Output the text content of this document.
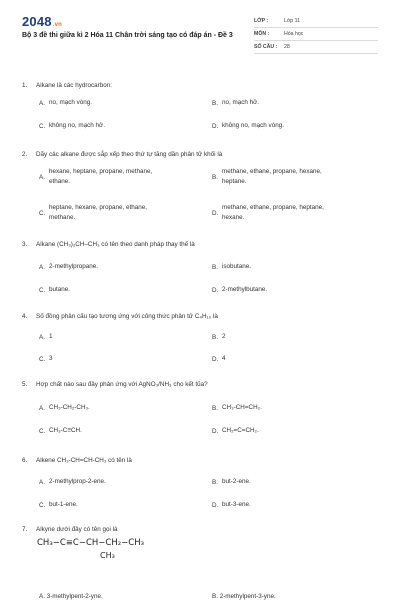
2048.vn
Bộ 3 đề thi giữa kì 2 Hóa 11 Chân trời sáng tạo có đáp án - Đề 3
LỚP :	Lớp 11
MÔN :	Hóa học
SỐ CÂU : 28
1. Alkane là các hydrocarbon:
A. no, mạch vòng.	B. no, mạch hở.
C. không no, mạch hở.	D. không no, mạch vòng.
2. Dãy các alkane được sắp xếp theo thứ tự tăng dần phân tử khối là
A.
hexane, heptane, propane, methane,
ethane.
B.
methane, ethane, propane, hexane,
heptane.
C.
heptane, hexane, propane, ethane,
methane.
D.
methane, ethane, propane, heptane,
hexane.
3. Alkane (CH₃)₂CH–CH₃ có tên theo danh pháp thay thế là
A. 2-methylpropane.	B. isobutane.
C. butane.	D. 2-methylbutane.
4. Số đồng phân cấu tạo tương ứng với công thức phân tử C₄H₁₀ là
A. 1	B. 2
C. 3	D. 4
5. Hợp chất nào sau đây phản ứng với AgNO₃/NH₃ cho kết tủa?
A. CH₃-CH₂-CH₃.	B. CH₃-CH=CH₂.
C. CH₃-C≡CH.	D. CH₂=C=CH₂.
6. Alkene CH₃-CH=CH-CH₃ có tên là
A. 2-methylprop-2-ene.	B. but-2-ene.
C. but-1-ene.	D. but-3-ene.
7. Alkyne dưới đây có tên gọi là
CH₃−C≡C−CH−CH₂−CH₃
CH₃
A. 3-methylpent-2-yne.	B. 2-methylpent-3-yne.
